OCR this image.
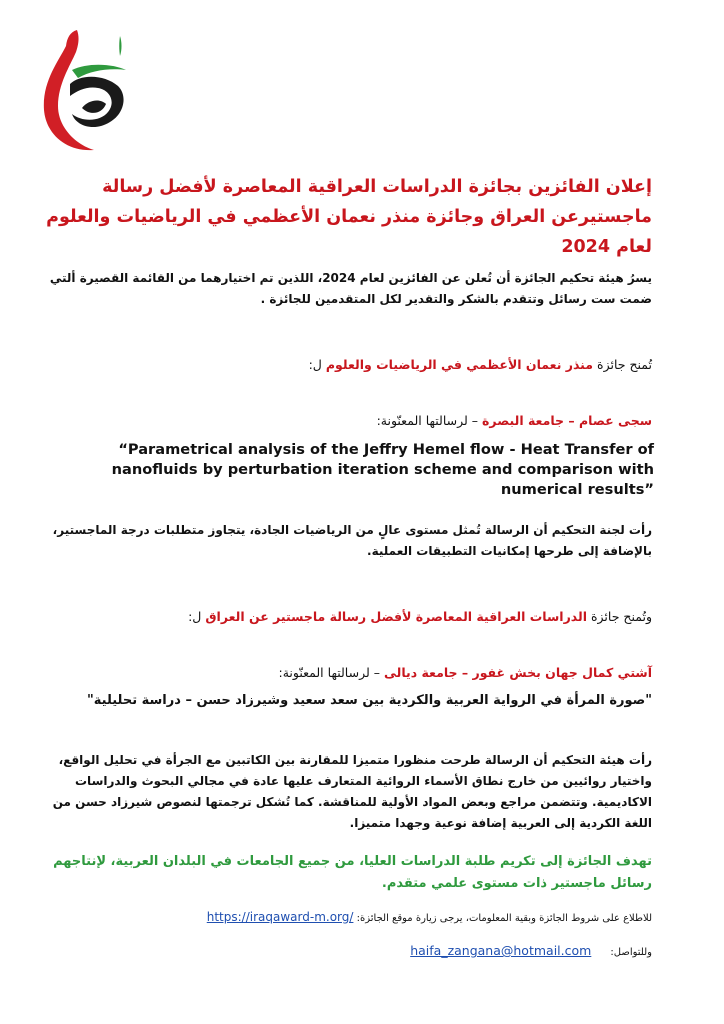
إعلان الفائزين بجائزة الدراسات العراقية المعاصرة لأفضل رسالة ماجستيرعن العراق وجائزة منذر نعمان الأعظمي في الرياضيات والعلوم لعام 2024
يسرُ هيئة تحكيم الجائزة أن تُعلن عن الفائزين لعام 2024، اللذين تم اختيارهما من القائمة القصيرة ألتي ضمت ست رسائل وتتقدم بالشكر والتقدير لكل المتقدمين للجائزة .
تُمنح جائزة منذر نعمان الأعظمي في الرياضيات والعلوم ل:
سجى عصام – جامعة البصرة – لرسالتها المعنّونة:
“Parametrical analysis of the Jeffry Hemel flow - Heat Transfer of nanofluids by perturbation iteration scheme and comparison with numerical results”
رأت لجنة التحكيم أن الرسالة تُمثل مستوى عالٍ من الرياضيات الجادة، يتجاوز متطلبات درجة الماجستير، بالإضافة إلى طرحها إمكانيات التطبيقات العملية.
وتُمنح جائزة الدراسات العراقية المعاصرة لأفضل رسالة ماجستير عن العراق ل:
آشتي كمال جهان بخش غفور – جامعة ديالى – لرسالتها المعنّونة:
"صورة المرأة في الرواية العربية والكردية بين سعد سعيد وشيرزاد حسن – دراسة تحليلية"
رأت هيئة التحكيم أن الرسالة طرحت منظورا متميزا للمقارنة بين الكاتبين مع الجرأة في تحليل الواقع، واختيار روائيين من خارج نطاق الأسماء الروائية المتعارف عليها عادة في مجالي البحوث والدراسات الاكاديمية. وتتضمن مراجع وبعض المواد الأولية للمناقشة. كما تُشكل ترجمتها لنصوص شيرزاد حسن من اللغة الكردية إلى العربية إضافة نوعية وجهدا متميزا.
تهدف الجائزة إلى تكريم طلبة الدراسات العليا، من جميع الجامعات في البلدان العربية، لإنتاجهم رسائل ماجستير ذات مستوى علمي متقدم.
للاطلاع على شروط الجائزة وبقية المعلومات، يرجى زيارة موقع الجائزة: https://iraqaward-m.org/
وللتواصل:      haifa_zangana@hotmail.com
